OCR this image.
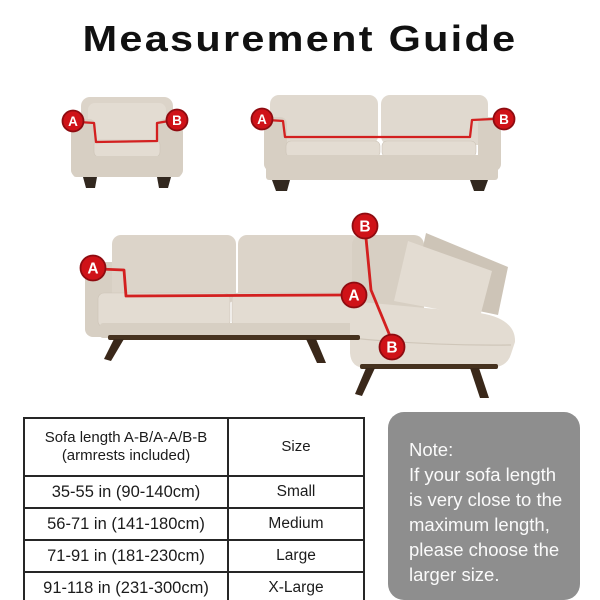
Measurement Guide
A	B	A	B
A
A
B
B
Sofa length A-B/A-A/B-B
(armrests included)	Size
35-55 in (90-140cm)	Small
56-71 in (141-180cm)	Medium
71-91 in (181-230cm)	Large
91-118 in (231-300cm)	X-Large
Note:
If your sofa length
is very close to the
maximum length,
please choose the
larger size.
